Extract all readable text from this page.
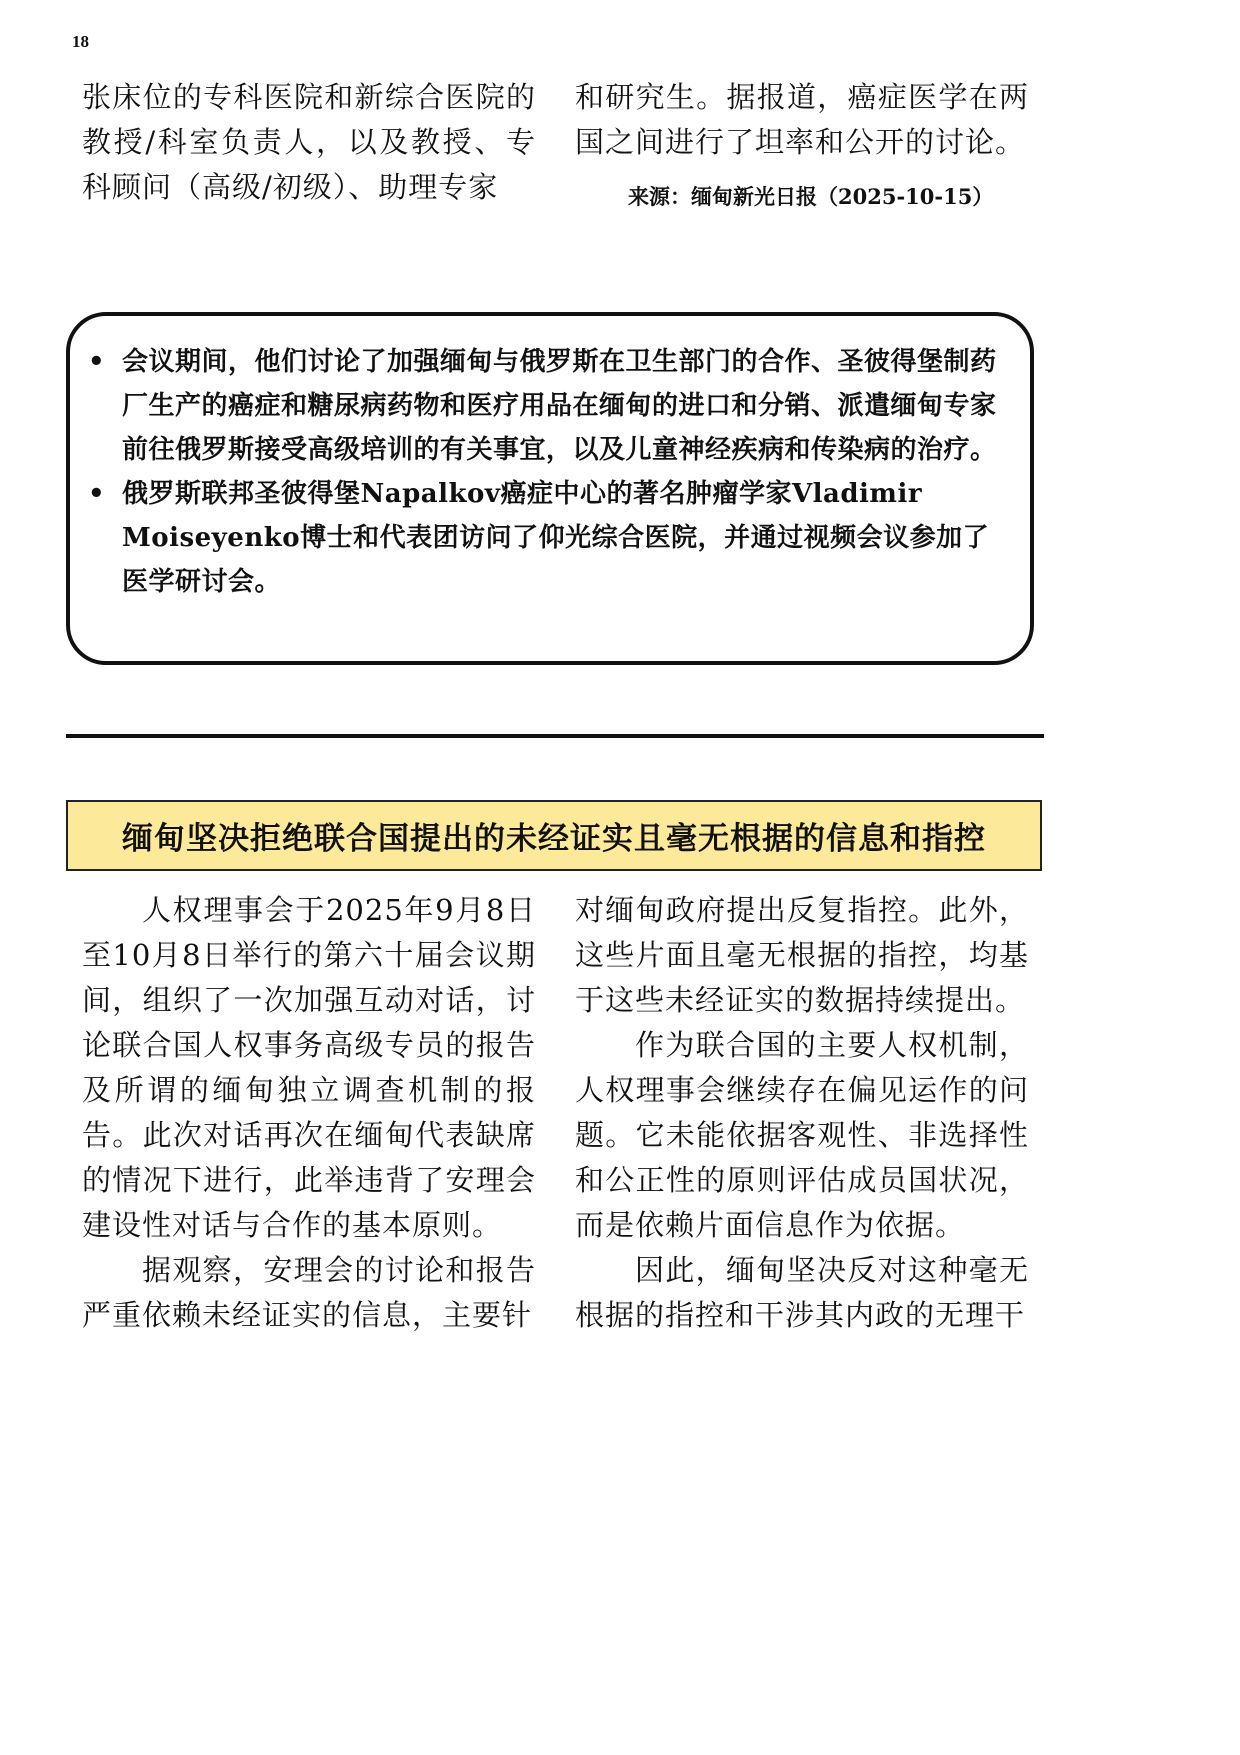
18

张床位的专科医院和新综合医院的教授/科室负责人，以及教授、专科顾问（高级/初级）、助理专家

和研究生。据报道，癌症医学在两国之间进行了坦率和公开的讨论。

来源：缅甸新光日报（2025-10-15）
• 会议期间，他们讨论了加强缅甸与俄罗斯在卫生部门的合作、圣彼得堡制药厂生产的癌症和糖尿病药物和医疗用品在缅甸的进口和分销、派遣缅甸专家前往俄罗斯接受高级培训的有关事宜，以及儿童神经疾病和传染病的治疗。
• 俄罗斯联邦圣彼得堡Napalkov癌症中心的著名肿瘤学家Vladimir Moiseyenko博士和代表团访问了仰光综合医院，并通过视频会议参加了医学研讨会。
缅甸坚决拒绝联合国提出的未经证实且毫无根据的信息和指控

人权理事会于2025年9月8日至10月8日举行的第六十届会议期间，组织了一次加强互动对话，讨论联合国人权事务高级专员的报告及所谓的缅甸独立调查机制的报告。此次对话再次在缅甸代表缺席的情况下进行，此举违背了安理会建设性对话与合作的基本原则。

据观察，安理会的讨论和报告严重依赖未经证实的信息，主要针

对缅甸政府提出反复指控。此外，这些片面且毫无根据的指控，均基于这些未经证实的数据持续提出。

作为联合国的主要人权机制，人权理事会继续存在偏见运作的问题。它未能依据客观性、非选择性和公正性的原则评估成员国状况，而是依赖片面信息作为依据。

因此，缅甸坚决反对这种毫无根据的指控和干涉其内政的无理干
